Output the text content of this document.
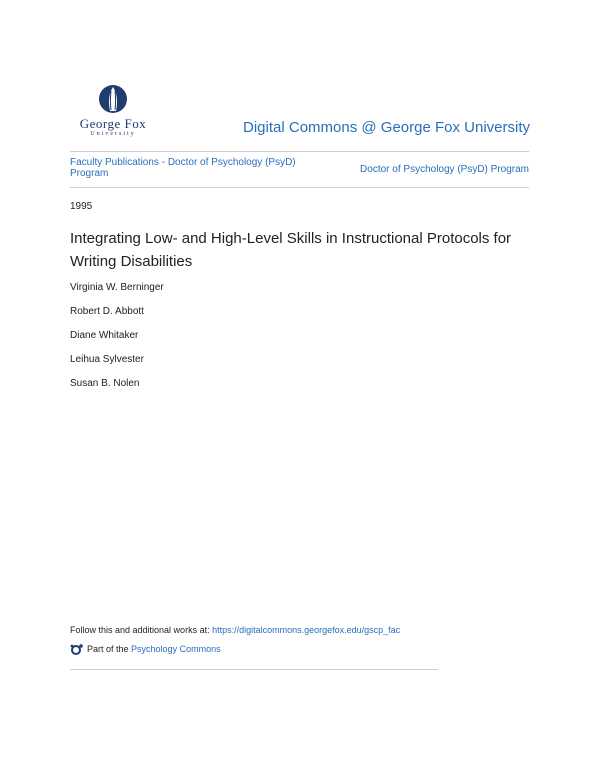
George Fox
University	Digital Commons @ George Fox University
Faculty Publications - Doctor of Psychology (PsyD) Program	Doctor of Psychology (PsyD) Program
1995
Integrating Low- and High-Level Skills in Instructional Protocols for Writing Disabilities
Virginia W. Berninger
Robert D. Abbott
Diane Whitaker
Leihua Sylvester
Susan B. Nolen
Follow this and additional works at: https://digitalcommons.georgefox.edu/gscp_fac
Part of the
Psychology Commons
